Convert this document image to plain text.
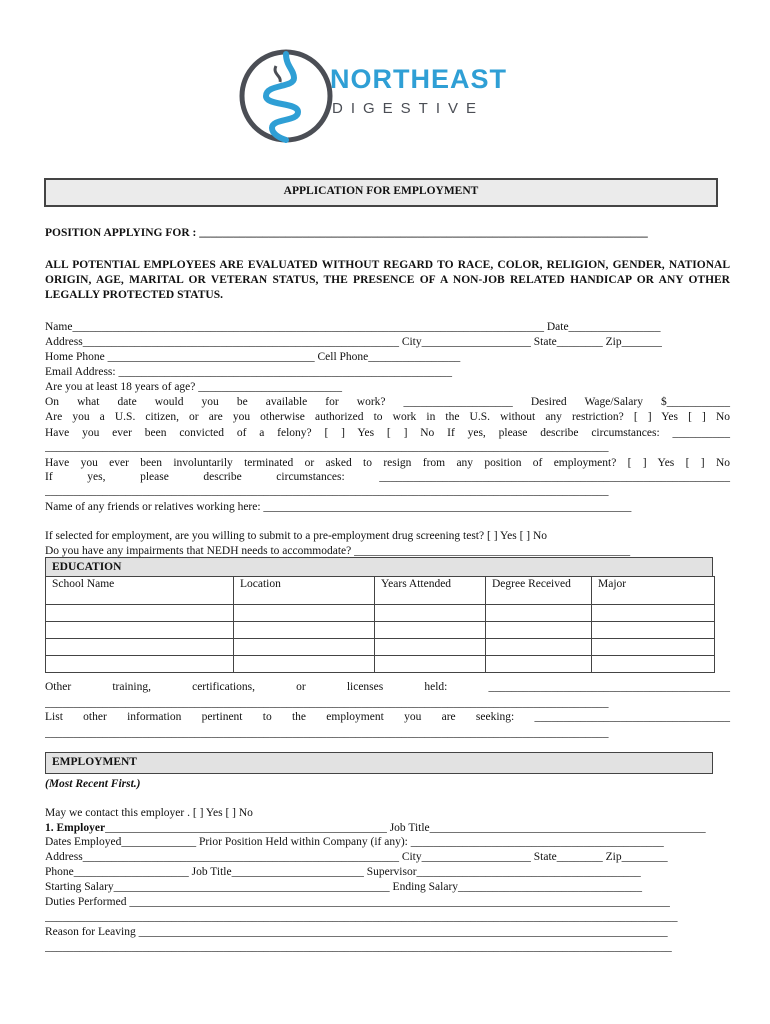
NORTHEAST
DIGESTIVE
APPLICATION FOR EMPLOYMENT
POSITION APPLYING FOR : ______________________________________________________________________________
ALL POTENTIAL EMPLOYEES ARE EVALUATED WITHOUT REGARD TO RACE, COLOR, RELIGION, GENDER, NATIONAL ORIGIN, AGE, MARITAL OR VETERAN STATUS, THE PRESENCE OF A NON-JOB RELATED HANDICAP OR ANY OTHER LEGALLY PROTECTED STATUS.
Name__________________________________________________________________________________ Date________________
Address_______________________________________________________ City___________________ State________ Zip_______
Home Phone ____________________________________ Cell Phone________________
Email Address: __________________________________________________________
Are you at least 18 years of age? _________________________
On what date would you be available for work? ___________________ Desired Wage/Salary $___________
Are you a U.S. citizen, or are you otherwise authorized to work in the U.S. without any restriction? [ ] Yes [ ] No
Have you ever been convicted of a felony? [ ] Yes [ ] No If yes, please describe circumstances: __________
__________________________________________________________________________________________________
Have you ever been involuntarily terminated or asked to resign from any position of employment? [ ] Yes [ ] No
If yes, please describe circumstances: _____________________________________________________________
__________________________________________________________________________________________________
Name of any friends or relatives working here: ________________________________________________________________
If selected for employment, are you willing to submit to a pre-employment drug screening test? [ ] Yes [ ] No
Do you have any impairments that NEDH needs to accommodate? ________________________________________________
EDUCATION
School Name	Location	Years Attended	Degree Received	Major

Other training, certifications, or licenses held: __________________________________________
__________________________________________________________________________________________________
List other information pertinent to the employment you are seeking: __________________________________
__________________________________________________________________________________________________
EMPLOYMENT
(Most Recent First.)
May we contact this employer . [ ] Yes [ ] No
1. Employer_________________________________________________ Job Title________________________________________________
Dates Employed_____________ Prior Position Held within Company (if any): ____________________________________________
Address_______________________________________________________ City___________________ State________ Zip________
Phone____________________ Job Title_______________________ Supervisor_______________________________________
Starting Salary________________________________________________ Ending Salary________________________________
Duties Performed ______________________________________________________________________________________________
______________________________________________________________________________________________________________
Reason for Leaving ____________________________________________________________________________________________
_____________________________________________________________________________________________________________
